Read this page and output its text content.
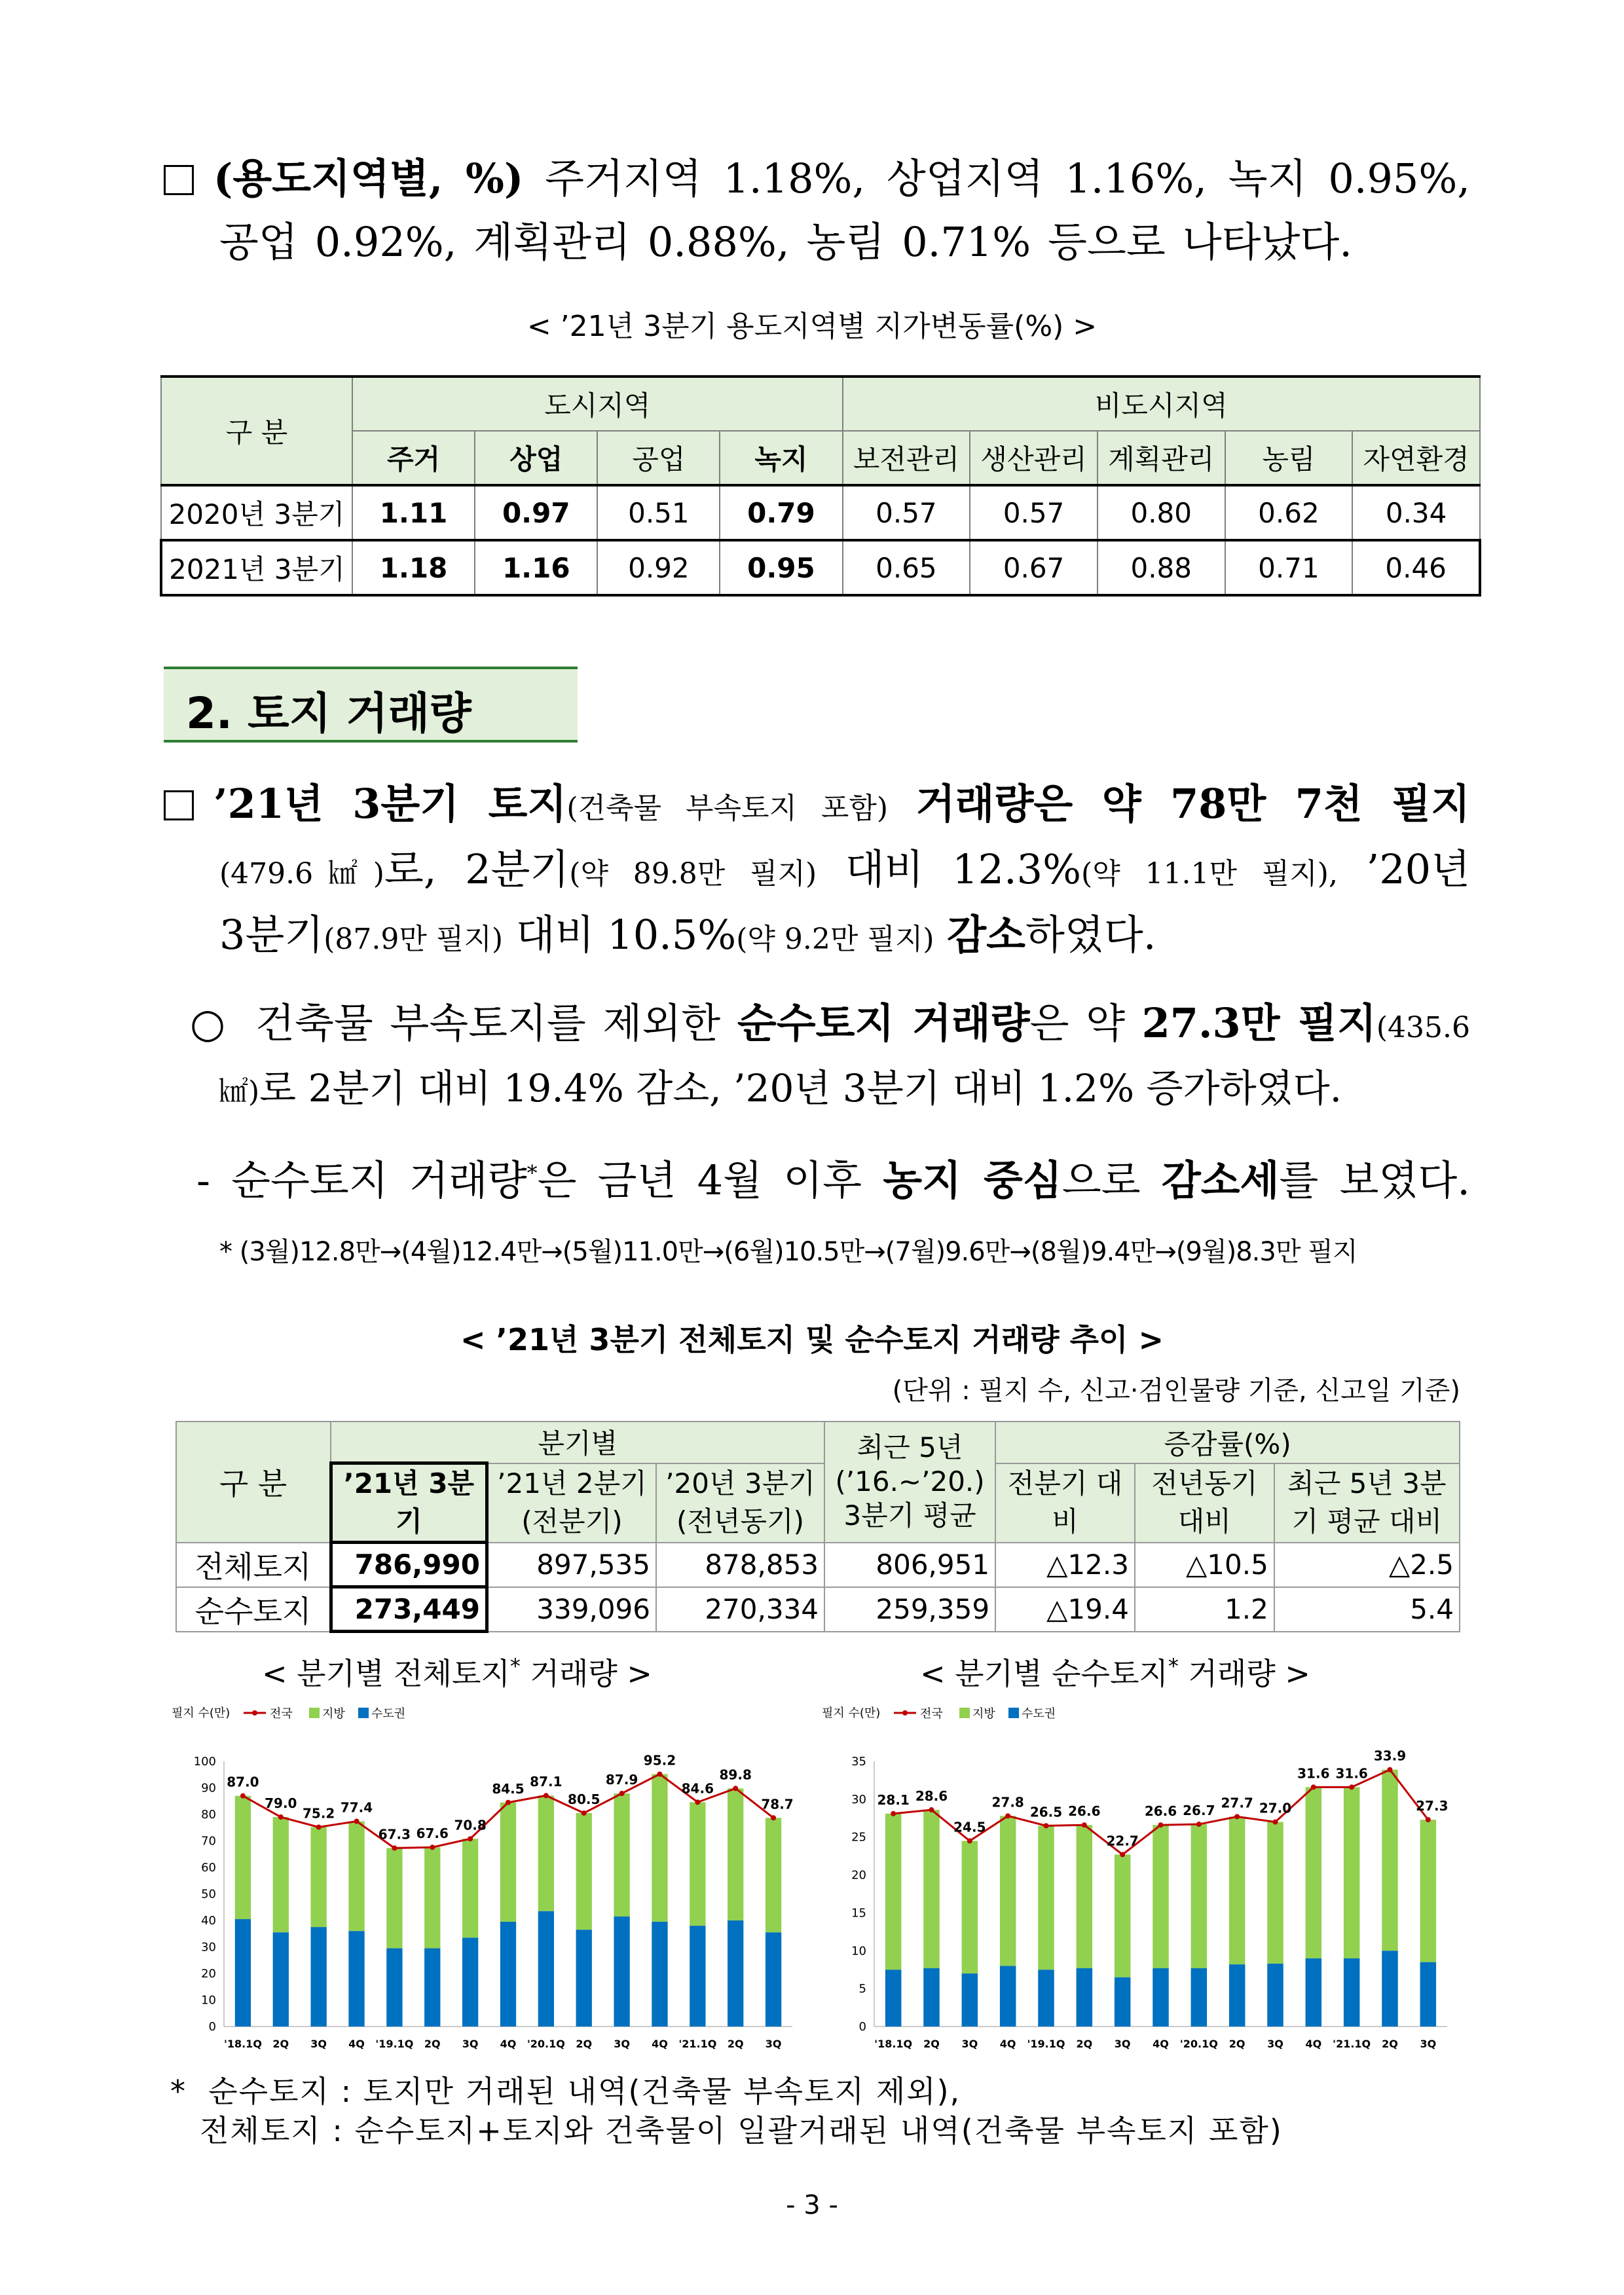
(용도지역별, %) 주거지역 1.18%, 상업지역 1.16%, 녹지 0.95%,
공업 0.92%, 계획관리 0.88%, 농림 0.71% 등으로 나타났다.
< ’21년 3분기 용도지역별 지가변동률(%) >
구 분	도시지역				비도시지역				
	주거	상업	공업	녹지	보전관리	생산관리	계획관리	농림	자연환경
2020년 3분기	1.11	0.97	0.51	0.79	0.57	0.57	0.80	0.62	0.34
2021년 3분기	1.18	1.16	0.92	0.95	0.65	0.67	0.88	0.71	0.46
2. 토지 거래량
’21년 3분기 토지(건축물 부속토지 포함) 거래량은 약 78만 7천 필지
(479.6㎢)로, 2분기(약 89.8만 필지) 대비 12.3%(약 11.1만 필지), ’20년
3분기(87.9만 필지) 대비 10.5%(약 9.2만 필지) 감소하였다.
○ 건축물 부속토지를 제외한 순수토지 거래량은 약 27.3만 필지(435.6
㎢)로 2분기 대비 19.4% 감소, ’20년 3분기 대비 1.2% 증가하였다.
- 순수토지 거래량*은 금년 4월 이후 농지 중심으로 감소세를 보였다.
* (3월)12.8만→(4월)12.4만→(5월)11.0만→(6월)10.5만→(7월)9.6만→(8월)9.4만→(9월)8.3만 필지
< ’21년 3분기 전체토지 및 순수토지 거래량 추이 >
(단위 : 필지 수, 신고·검인물량 기준, 신고일 기준)
구 분	분기별			최근 5년 (’16.~’20.) 3분기 평균	증감률(%)		
	’21년 3분기	’21년 2분기 (전분기)	’20년 3분기 (전년동기)		전분기 대비	전년동기 대비	최근 5년 3분기 평균 대비

전체토지	786,990	897,535	878,853	806,951	△12.3	△10.5	△2.5
순수토지	273,449	339,096	270,334	259,359	△19.4	1.2	5.4
< 분기별 전체토지* 거래량 >	< 분기별 순수토지* 거래량 >
필지 수(만)	전국	지방 수도권
0
10
20
30
40
50
60
70
80
90
100
'18.1Q 2Q 3Q 4Q '19.1Q 2Q 3Q 4Q '20.1Q 2Q 3Q 4Q '21.1Q 2Q 3Q
87.0
79.0
75.2 77.4
67.3 67.6
70.8
84.5 87.1
80.5
87.9
95.2
84.6
89.8
78.7
필지 수(만)	전국	지방 수도권
0
5
10
15
20
25
30
35
'18.1Q 2Q 3Q 4Q '19.1Q 2Q 3Q 4Q '20.1Q 2Q 3Q 4Q '21.1Q 2Q 3Q
28.1 28.6
24.5
27.8
26.5 26.6
22.7
26.6 26.7 27.7 27.0
31.6 31.6
33.9
27.3
* 순수토지 : 토지만 거래된 내역(건축물 부속토지 제외),
전체토지 : 순수토지+토지와 건축물이 일괄거래된 내역(건축물 부속토지 포함)
- 3 -
